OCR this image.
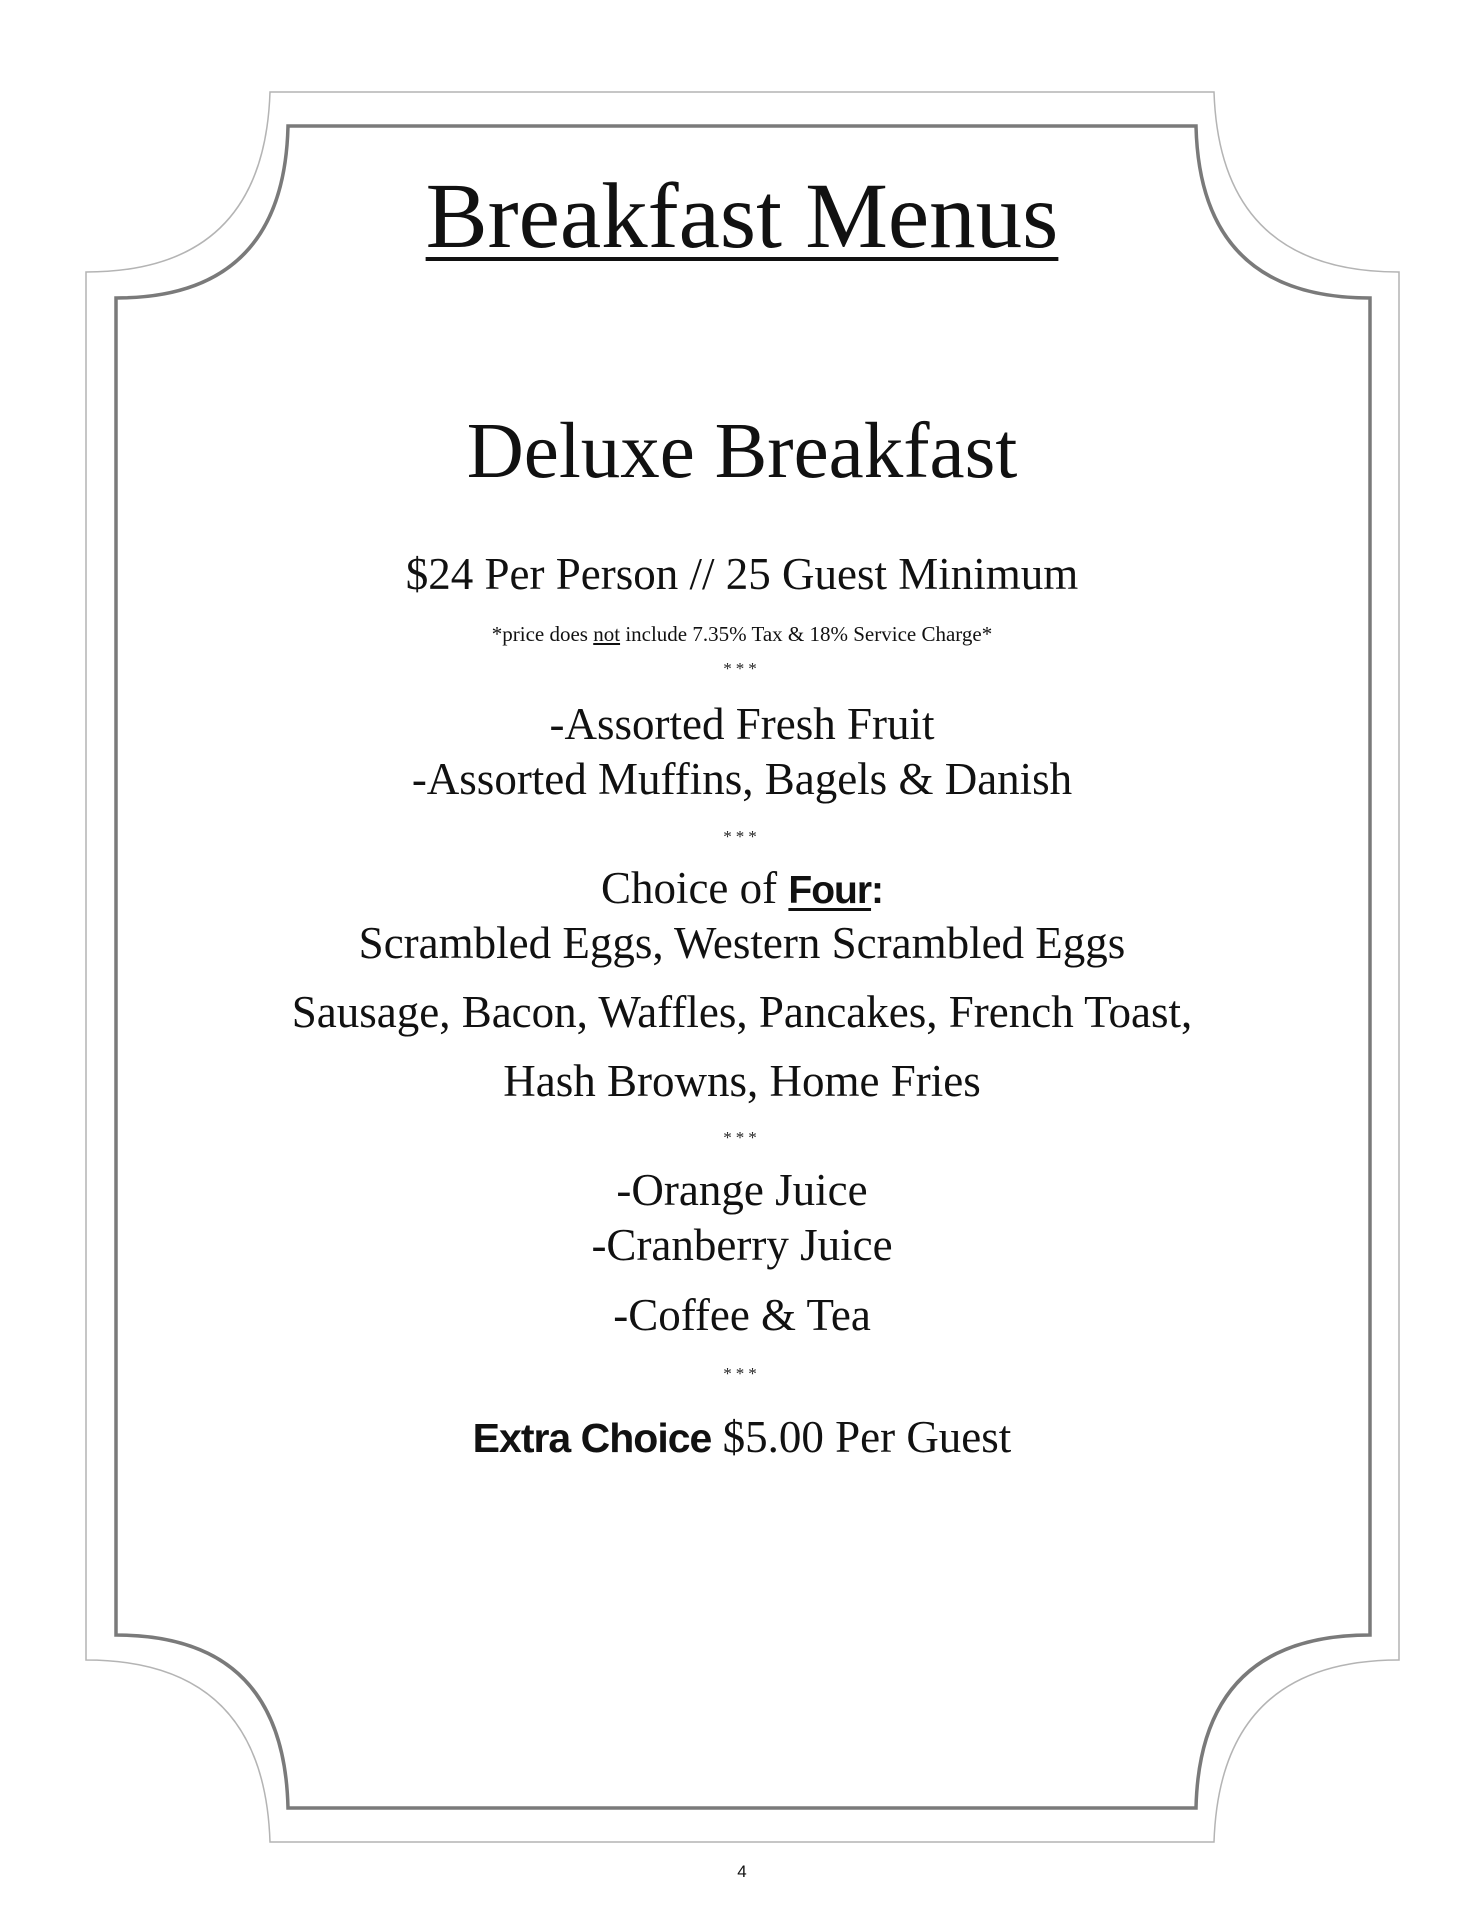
Breakfast Menus
Deluxe Breakfast
$24 Per Person // 25 Guest Minimum
*price does not include 7.35% Tax & 18% Service Charge*
***
-Assorted Fresh Fruit
-Assorted Muffins, Bagels & Danish
***
Choice of Four:
Scrambled Eggs, Western Scrambled Eggs
Sausage, Bacon, Waffles, Pancakes, French Toast,
Hash Browns, Home Fries
***
-Orange Juice
-Cranberry Juice
-Coffee & Tea
***
Extra Choice $5.00 Per Guest
4
